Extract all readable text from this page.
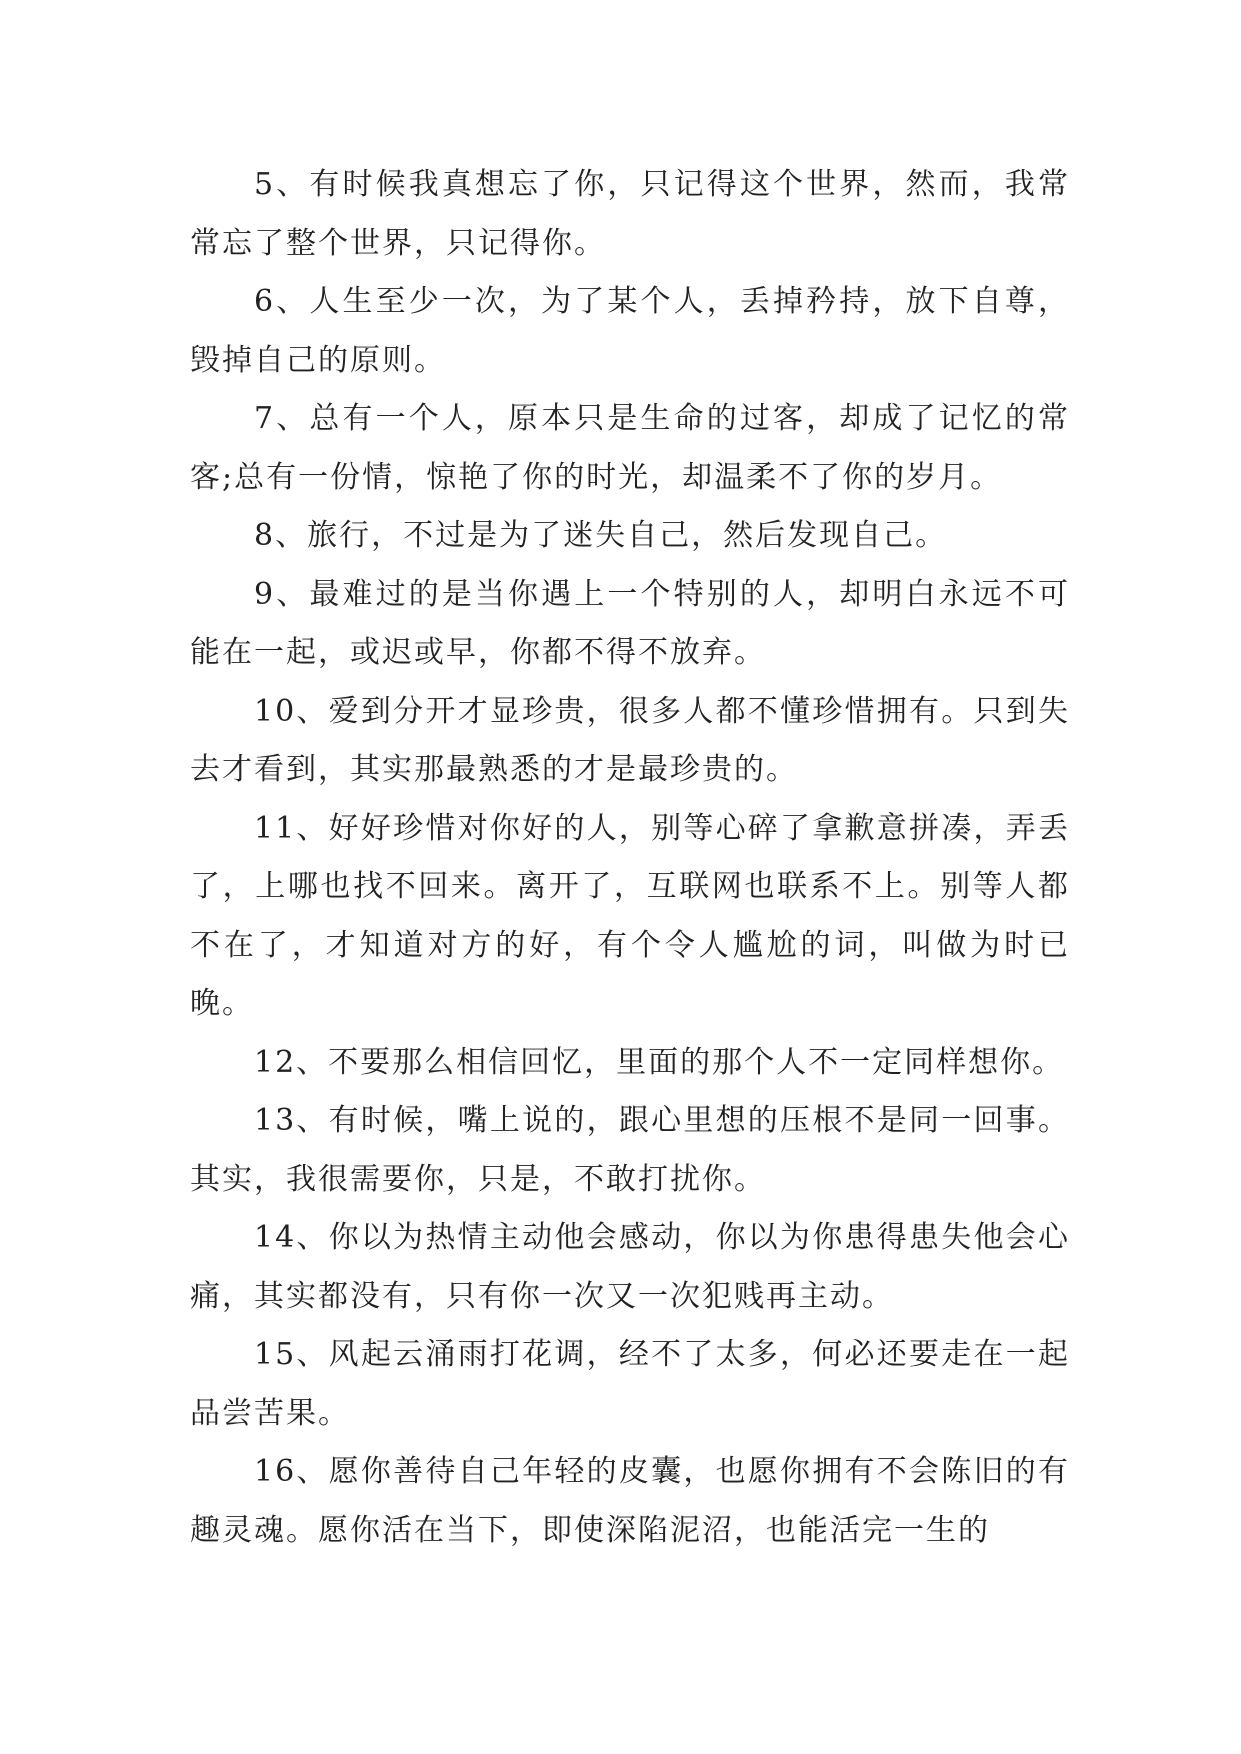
5、有时候我真想忘了你，只记得这个世界，然而，我常常忘了整个世界，只记得你。

6、人生至少一次，为了某个人，丢掉矜持，放下自尊，毁掉自己的原则。

7、总有一个人，原本只是生命的过客，却成了记忆的常客;总有一份情，惊艳了你的时光，却温柔不了你的岁月。

8、旅行，不过是为了迷失自己，然后发现自己。

9、最难过的是当你遇上一个特别的人，却明白永远不可能在一起，或迟或早，你都不得不放弃。

10、爱到分开才显珍贵，很多人都不懂珍惜拥有。只到失去才看到，其实那最熟悉的才是最珍贵的。

11、好好珍惜对你好的人，别等心碎了拿歉意拼凑，弄丢了，上哪也找不回来。离开了，互联网也联系不上。别等人都不在了，才知道对方的好，有个令人尴尬的词，叫做为时已晚。

12、不要那么相信回忆，里面的那个人不一定同样想你。

13、有时候，嘴上说的，跟心里想的压根不是同一回事。其实，我很需要你，只是，不敢打扰你。

14、你以为热情主动他会感动，你以为你患得患失他会心痛，其实都没有，只有你一次又一次犯贱再主动。

15、风起云涌雨打花调，经不了太多，何必还要走在一起品尝苦果。

16、愿你善待自己年轻的皮囊，也愿你拥有不会陈旧的有趣灵魂。愿你活在当下，即使深陷泥沼，也能活完一生的
